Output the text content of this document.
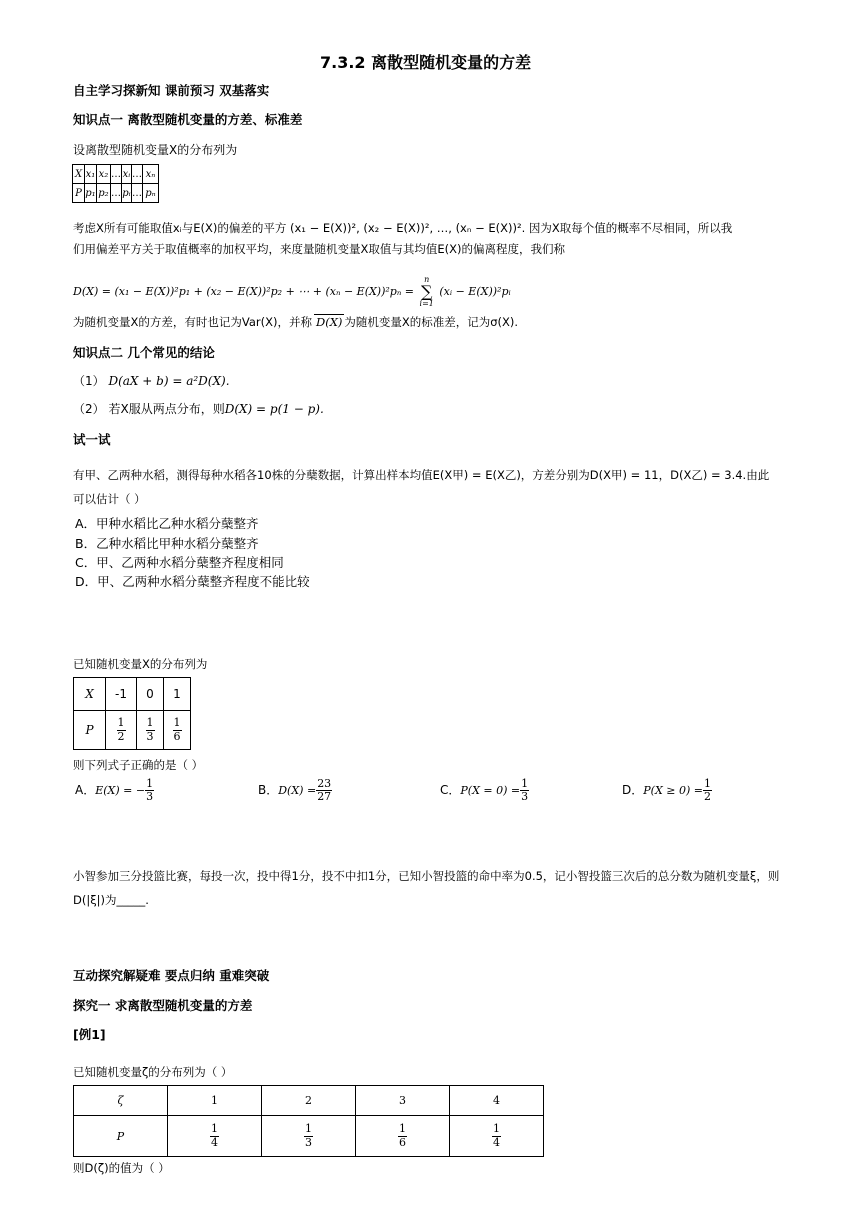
7.3.2 离散型随机变量的方差
自主学习探新知 课前预习 双基落实
知识点一 离散型随机变量的方差、标准差
设离散型随机变量X的分布列为
X	x₁	x₂	…	xᵢ	…	xₙ
P	p₁	p₂	…	pᵢ	…	pₙ
考虑X所有可能取值xᵢ与E(X)的偏差的平方 (x₁ − E(X))², (x₂ − E(X))², …, (xₙ − E(X))². 因为X取每个值的概率不尽相同，所以我
们用偏差平方关于取值概率的加权平均，来度量随机变量X取值与其均值E(X)的偏离程度，我们称
D(X) = (x₁ − E(X))²p₁ + (x₂ − E(X))²p₂ + ⋯ + (xₙ − E(X))²pₙ =
n
∑
i=1
(xᵢ − E(X))²pᵢ
为随机变量X的方差，有时也记为Var(X)，并称 D(X) 为随机变量X的标准差，记为σ(X).
知识点二 几个常见的结论
（1） D(aX + b) = a²D(X).
（2） 若X服从两点分布，则D(X) = p(1 − p).
试一试
有甲、乙两种水稻，测得每种水稻各10株的分蘖数据，计算出样本均值E(X甲) = E(X乙)，方差分别为D(X甲) = 11，D(X乙) = 3.4.由此
可以估计（ ）
A．甲种水稻比乙种水稻分蘖整齐
B．乙种水稻比甲种水稻分蘖整齐
C．甲、乙两种水稻分蘖整齐程度相同
D．甲、乙两种水稻分蘖整齐程度不能比较
已知随机变量X的分布列为
X	-1	0	1
P	$\frac{1}{2}$	$\frac{1}{3}$	$\frac{1}{6}$
则下列式子正确的是（ ）
A．E(X) = − $\frac{1}{3}$	B．$D(X) = \frac{23}{27}$	C．$P(X = 0) = \frac{1}{3}$	D．$P(X \ge 0) = \frac{1}{2}$
小智参加三分投篮比赛，每投一次，投中得1分，投不中扣1分，已知小智投篮的命中率为0.5，记小智投篮三次后的总分数为随机变量ξ，则
D(|ξ|)为_____.
互动探究解疑难 要点归纳 重难突破
探究一 求离散型随机变量的方差
[例1]
已知随机变量ζ的分布列为（ ）
ζ	1	2	3	4
P	$\frac{1}{4}$	$\frac{1}{3}$	$\frac{1}{6}$	$\frac{1}{4}$
则D(ζ)的值为（ ）
